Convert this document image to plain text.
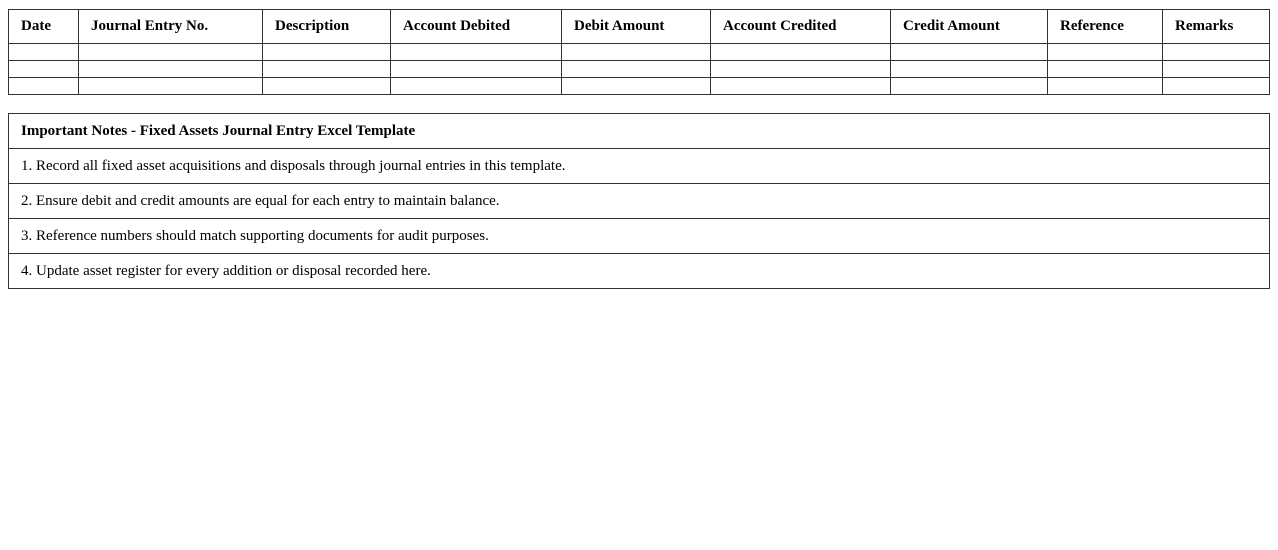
Date	Journal Entry No.	Description	Account Debited	Debit Amount	Account Credited	Credit Amount	Reference	Remarks

Important Notes - Fixed Assets Journal Entry Excel Template
1. Record all fixed asset acquisitions and disposals through journal entries in this template.
2. Ensure debit and credit amounts are equal for each entry to maintain balance.
3. Reference numbers should match supporting documents for audit purposes.
4. Update asset register for every addition or disposal recorded here.
